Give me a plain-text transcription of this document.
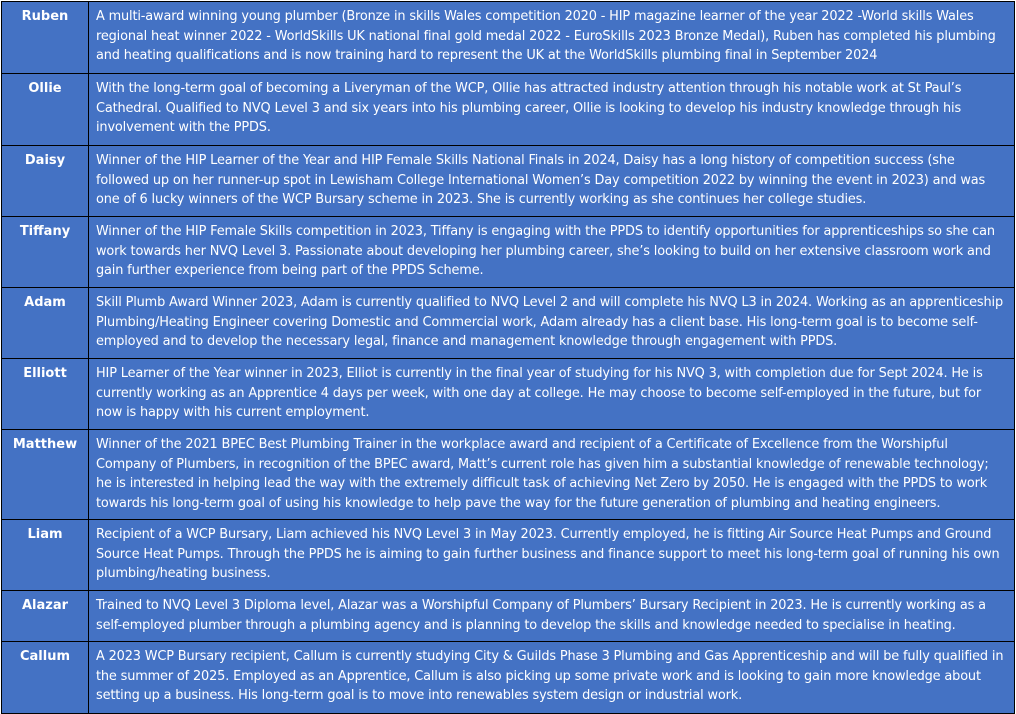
Ruben	A multi-award winning young plumber (Bronze in skills Wales competition 2020 - HIP magazine learner of the year 2022 -World skills Wales regional heat winner 2022 - WorldSkills UK national final gold medal 2022 - EuroSkills 2023 Bronze Medal), Ruben has completed his plumbing and heating qualifications and is now training hard to represent the UK at the WorldSkills plumbing final in September 2024
Ollie	With the long-term goal of becoming a Liveryman of the WCP, Ollie has attracted industry attention through his notable work at St Paul’s Cathedral. Qualified to NVQ Level 3 and six years into his plumbing career, Ollie is looking to develop his industry knowledge through his involvement with the PPDS.
Daisy	Winner of the HIP Learner of the Year and HIP Female Skills National Finals in 2024, Daisy has a long history of competition success (she followed up on her runner-up spot in Lewisham College International Women’s Day competition 2022 by winning the event in 2023) and was one of 6 lucky winners of the WCP Bursary scheme in 2023. She is currently working as she continues her college studies.
Tiffany	Winner of the HIP Female Skills competition in 2023, Tiffany is engaging with the PPDS to identify opportunities for apprenticeships so she can work towards her NVQ Level 3. Passionate about developing her plumbing career, she’s looking to build on her extensive classroom work and gain further experience from being part of the PPDS Scheme.
Adam	Skill Plumb Award Winner 2023, Adam is currently qualified to NVQ Level 2 and will complete his NVQ L3 in 2024. Working as an apprenticeship Plumbing/Heating Engineer covering Domestic and Commercial work, Adam already has a client base. His long-term goal is to become self-employed and to develop the necessary legal, finance and management knowledge through engagement with PPDS.
Elliott	HIP Learner of the Year winner in 2023, Elliot is currently in the final year of studying for his NVQ 3, with completion due for Sept 2024. He is currently working as an Apprentice 4 days per week, with one day at college. He may choose to become self-employed in the future, but for now is happy with his current employment.
Matthew	Winner of the 2021 BPEC Best Plumbing Trainer in the workplace award and recipient of a Certificate of Excellence from the Worshipful Company of Plumbers, in recognition of the BPEC award, Matt’s current role has given him a substantial knowledge of renewable technology; he is interested in helping lead the way with the extremely difficult task of achieving Net Zero by 2050. He is engaged with the PPDS to work towards his long-term goal of using his knowledge to help pave the way for the future generation of plumbing and heating engineers.
Liam	Recipient of a WCP Bursary, Liam achieved his NVQ Level 3 in May 2023. Currently employed, he is fitting Air Source Heat Pumps and Ground Source Heat Pumps. Through the PPDS he is aiming to gain further business and finance support to meet his long-term goal of running his own plumbing/heating business.
Alazar	Trained to NVQ Level 3 Diploma level, Alazar was a Worshipful Company of Plumbers’ Bursary Recipient in 2023. He is currently working as a self-employed plumber through a plumbing agency and is planning to develop the skills and knowledge needed to specialise in heating.
Callum	A 2023 WCP Bursary recipient, Callum is currently studying City & Guilds Phase 3 Plumbing and Gas Apprenticeship and will be fully qualified in the summer of 2025. Employed as an Apprentice, Callum is also picking up some private work and is looking to gain more knowledge about setting up a business. His long-term goal is to move into renewables system design or industrial work.
